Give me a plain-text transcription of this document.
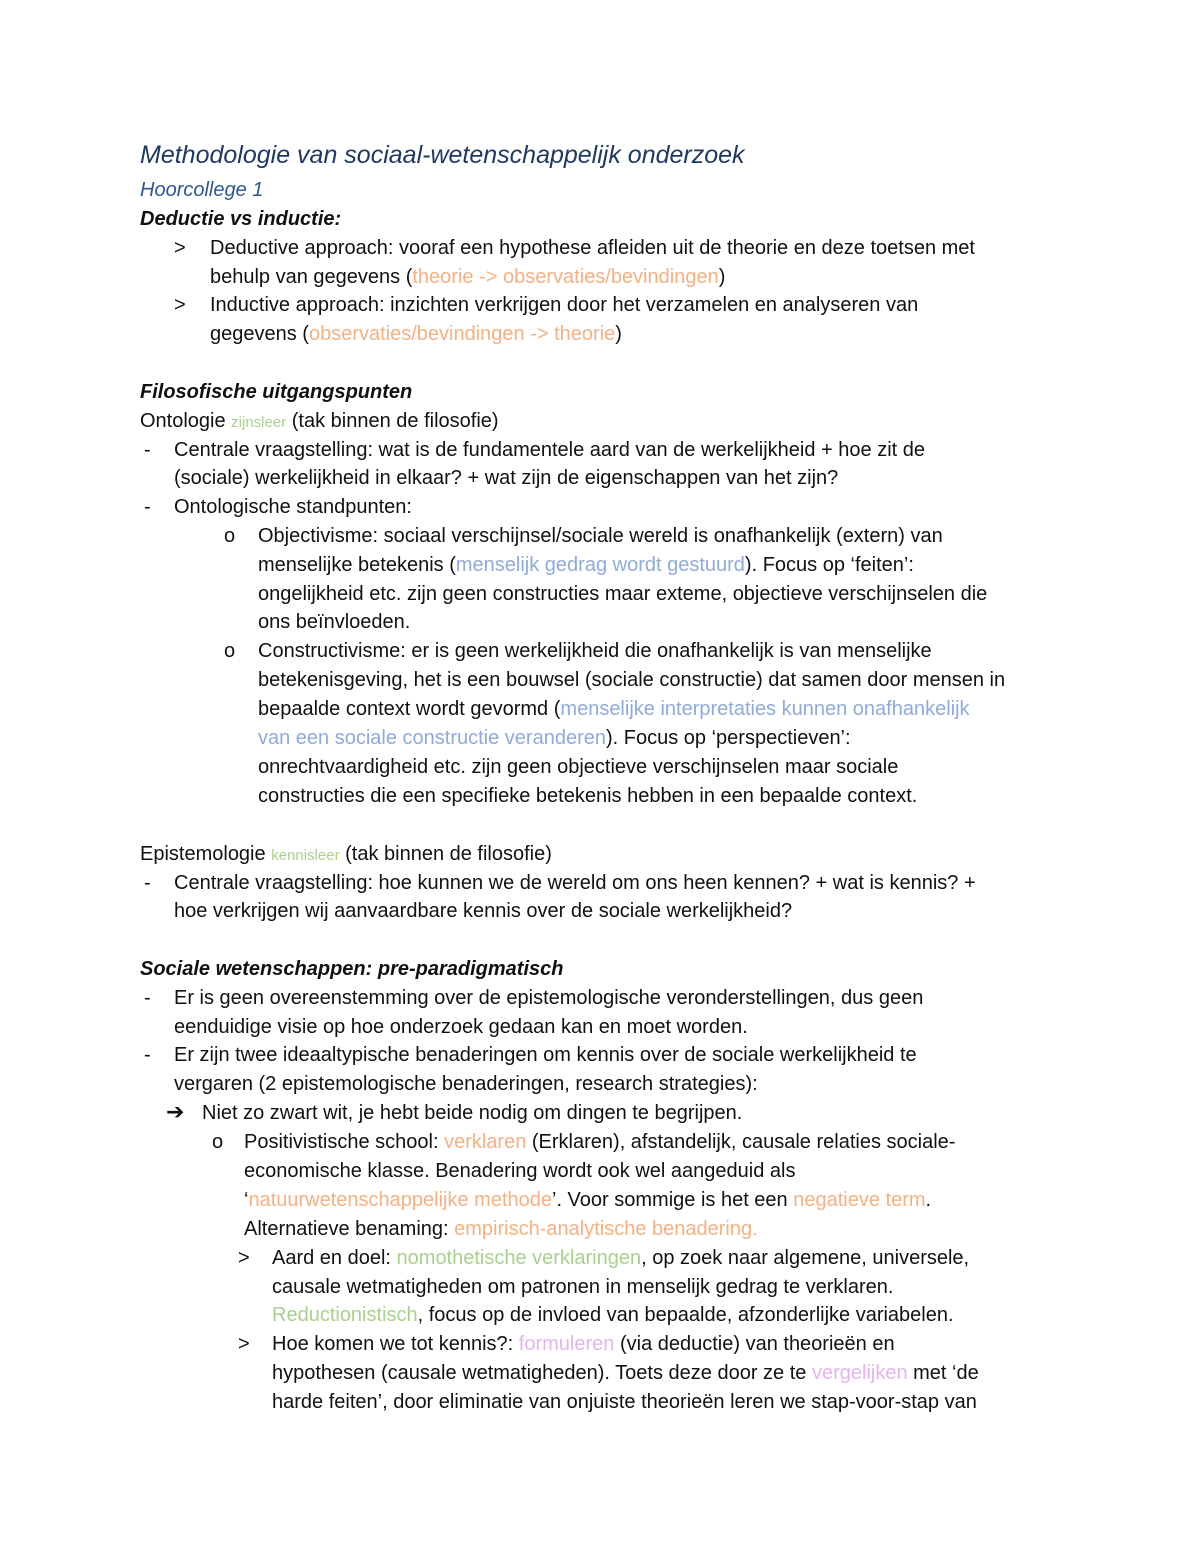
Methodologie van sociaal-wetenschappelijk onderzoek
Hoorcollege 1
Deductie vs inductie:
> Deductive approach: vooraf een hypothese afleiden uit de theorie en deze toetsen met
behulp van gegevens (theorie -> observaties/bevindingen)
> Inductive approach: inzichten verkrijgen door het verzamelen en analyseren van
gegevens (observaties/bevindingen -> theorie)
Filosofische uitgangspunten
Ontologie zijnsleer (tak binnen de filosofie)
- Centrale vraagstelling: wat is de fundamentele aard van de werkelijkheid + hoe zit de
(sociale) werkelijkheid in elkaar? + wat zijn de eigenschappen van het zijn?
- Ontologische standpunten:
o Objectivisme: sociaal verschijnsel/sociale wereld is onafhankelijk (extern) van
menselijke betekenis (menselijk gedrag wordt gestuurd). Focus op ‘feiten’:
ongelijkheid etc. zijn geen constructies maar exteme, objectieve verschijnselen die
ons beïnvloeden.
o Constructivisme: er is geen werkelijkheid die onafhankelijk is van menselijke
betekenisgeving, het is een bouwsel (sociale constructie) dat samen door mensen in
bepaalde context wordt gevormd (menselijke interpretaties kunnen onafhankelijk
van een sociale constructie veranderen). Focus op ‘perspectieven’:
onrechtvaardigheid etc. zijn geen objectieve verschijnselen maar sociale
constructies die een specifieke betekenis hebben in een bepaalde context.
Epistemologie kennisleer (tak binnen de filosofie)
- Centrale vraagstelling: hoe kunnen we de wereld om ons heen kennen? + wat is kennis? +
hoe verkrijgen wij aanvaardbare kennis over de sociale werkelijkheid?
Sociale wetenschappen: pre-paradigmatisch
- Er is geen overeenstemming over de epistemologische veronderstellingen, dus geen
eenduidige visie op hoe onderzoek gedaan kan en moet worden.
- Er zijn twee ideaaltypische benaderingen om kennis over de sociale werkelijkheid te
vergaren (2 epistemologische benaderingen, research strategies):
➔ Niet zo zwart wit, je hebt beide nodig om dingen te begrijpen.
o Positivistische school: verklaren (Erklaren), afstandelijk, causale relaties sociale-
economische klasse. Benadering wordt ook wel aangeduid als
‘natuurwetenschappelijke methode’. Voor sommige is het een negatieve term.
Alternatieve benaming: empirisch-analytische benadering.
> Aard en doel: nomothetische verklaringen, op zoek naar algemene, universele,
causale wetmatigheden om patronen in menselijk gedrag te verklaren.
Reductionistisch, focus op de invloed van bepaalde, afzonderlijke variabelen.
> Hoe komen we tot kennis?: formuleren (via deductie) van theorieën en
hypothesen (causale wetmatigheden). Toets deze door ze te vergelijken met ‘de
harde feiten’, door eliminatie van onjuiste theorieën leren we stap-voor-stap van
